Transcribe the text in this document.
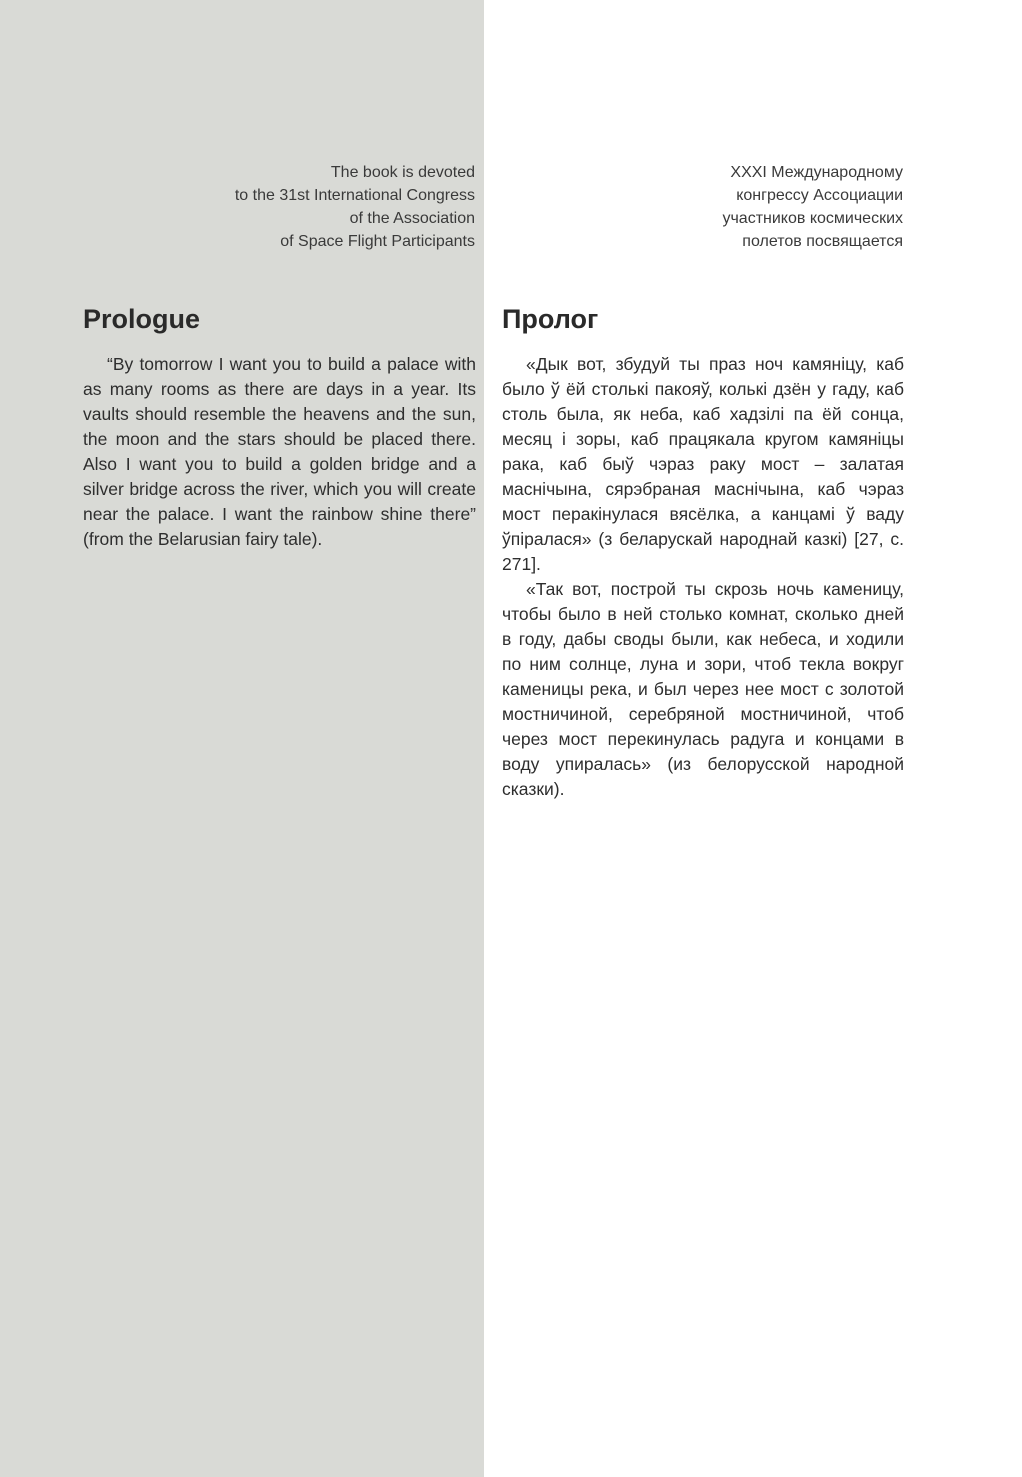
The book is devoted
to the 31st International Congress
of the Association
of Space Flight Participants
XXXI Международному
конгрессу Ассоциации
участников космических
полетов посвящается
Prologue	Пролог

“By tomorrow I want you to build a palace with as many rooms as there are days in a year. Its vaults should resemble the heavens and the sun, the moon and the stars should be placed there. Also I want you to build a golden bridge and a silver bridge across the river, which you will create near the palace. I want the rainbow shine there” (from the Belarusian fairy tale).

«Дык вот, збудуй ты праз ноч камяніцу, каб было ў ёй столькі пакояў, колькі дзён у гаду, каб столь была, як неба, каб хадзілі па ёй сонца, месяц і зоры, каб працякала кругом камяніцы рака, каб быў чэраз раку мост – залатая маснічына, сярэбраная маснічына, каб чэраз мост перакінулася вясёлка, а канцамі ў ваду ўпіралася» (з беларускай народнай казкі) [27, с. 271].

«Так вот, построй ты скрозь ночь каменицу, чтобы было в ней столько комнат, сколько дней в году, дабы своды были, как небеса, и ходили по ним солнце, луна и зори, чтоб текла вокруг каменицы река, и был через нее мост с золотой мостничиной, серебряной мостничиной, чтоб через мост перекинулась радуга и концами в воду упиралась» (из белорусской народной сказки).
